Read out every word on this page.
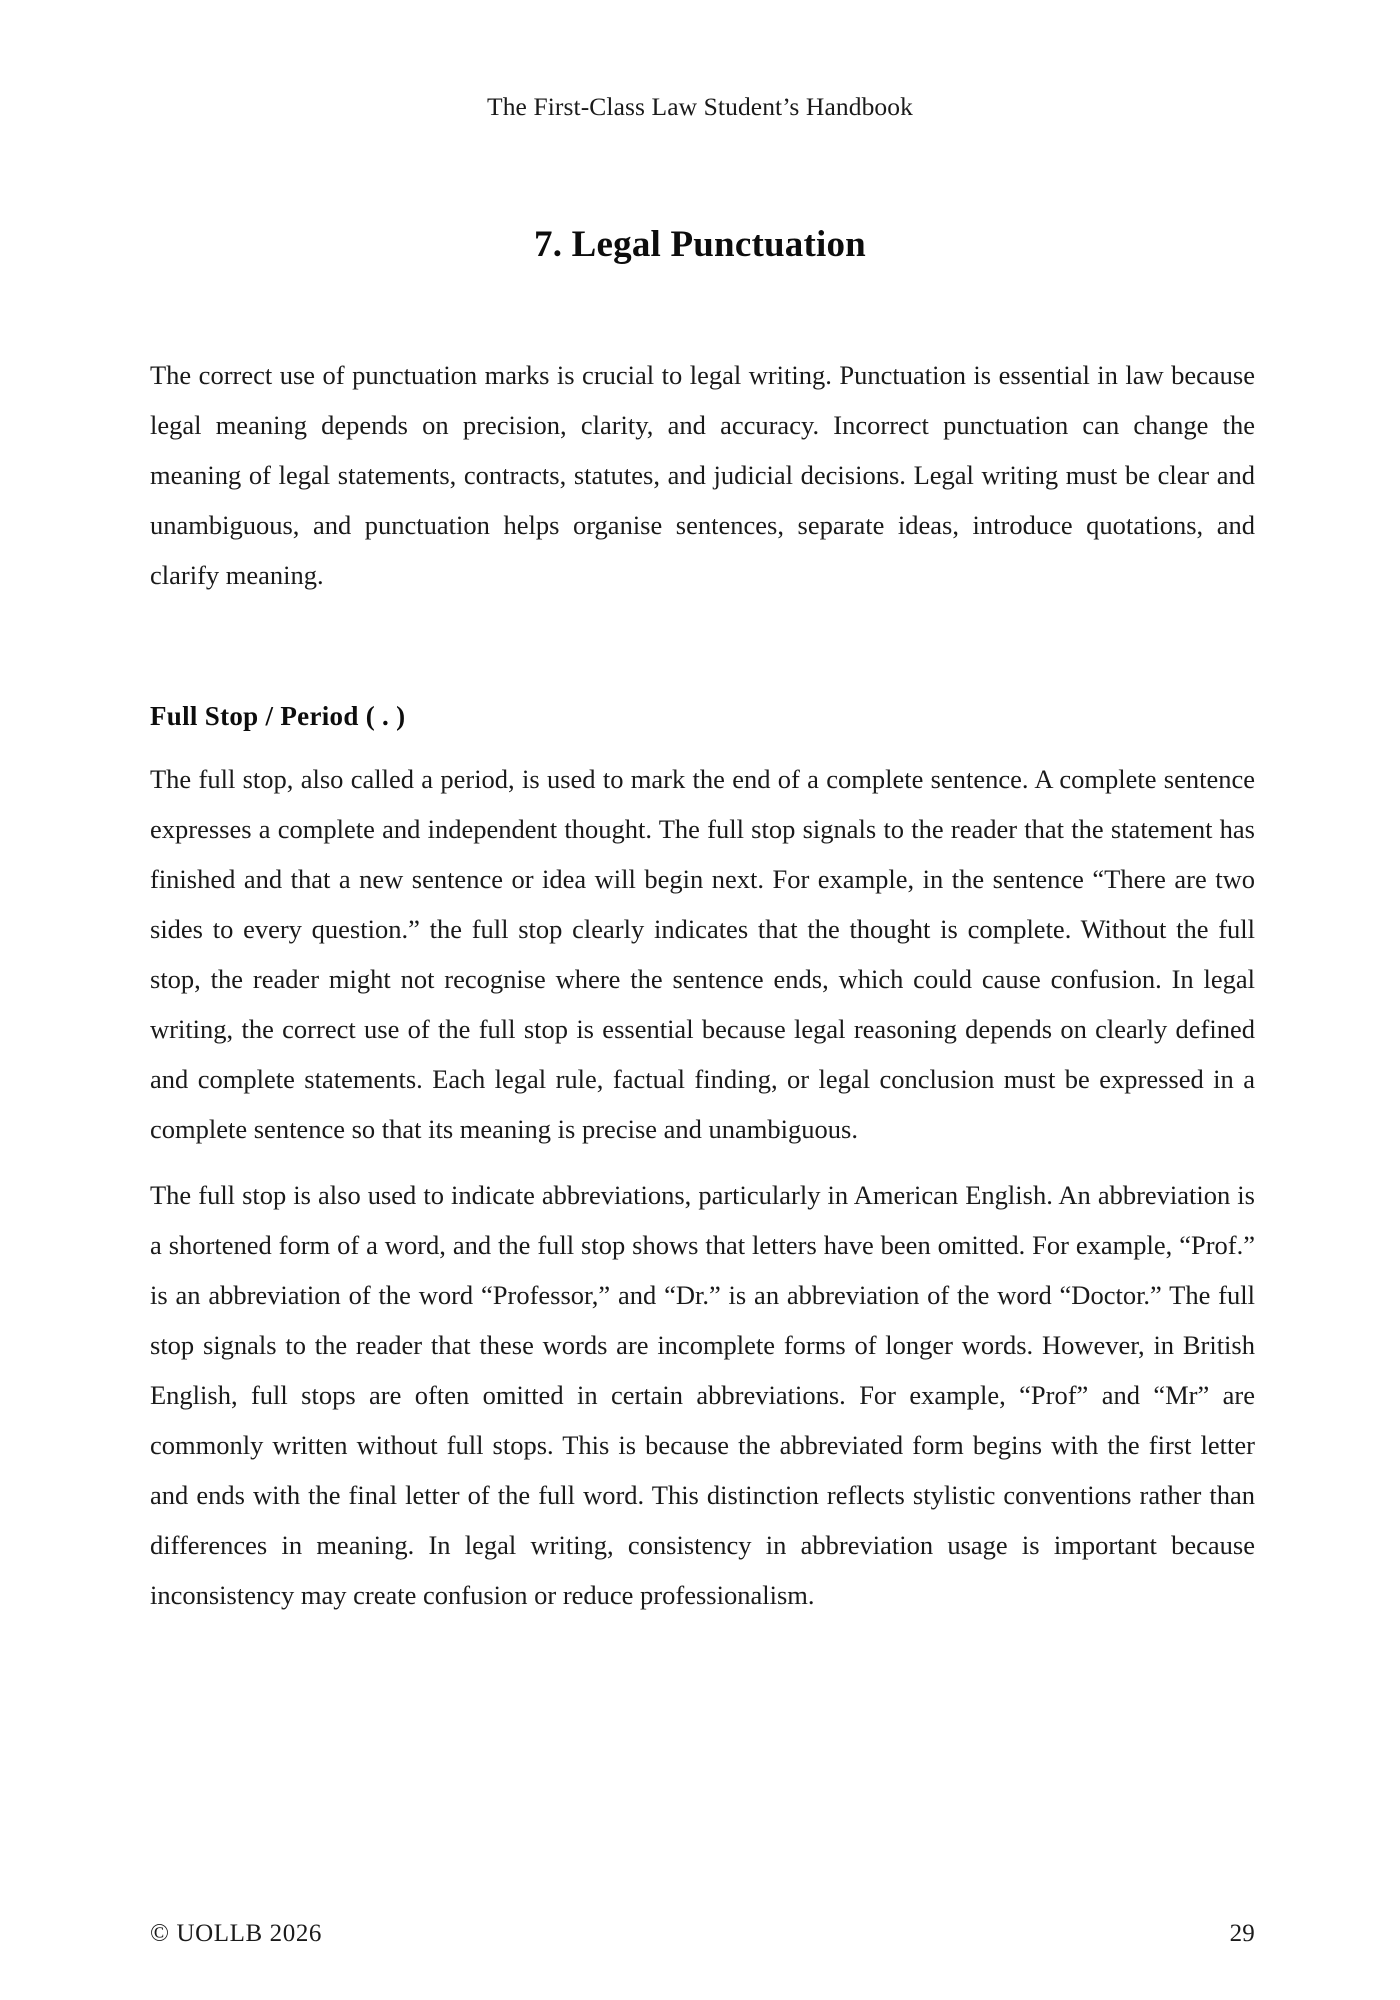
The First-Class Law Student’s Handbook
7. Legal Punctuation

The correct use of punctuation marks is crucial to legal writing. Punctuation is essential in law because legal meaning depends on precision, clarity, and accuracy. Incorrect punctuation can change the meaning of legal statements, contracts, statutes, and judicial decisions. Legal writing must be clear and unambiguous, and punctuation helps organise sentences, separate ideas, introduce quotations, and clarify meaning.

Full Stop / Period ( . )

The full stop, also called a period, is used to mark the end of a complete sentence. A complete sentence expresses a complete and independent thought. The full stop signals to the reader that the statement has finished and that a new sentence or idea will begin next. For example, in the sentence “There are two sides to every question.” the full stop clearly indicates that the thought is complete. Without the full stop, the reader might not recognise where the sentence ends, which could cause confusion. In legal writing, the correct use of the full stop is essential because legal reasoning depends on clearly defined and complete statements. Each legal rule, factual finding, or legal conclusion must be expressed in a complete sentence so that its meaning is precise and unambiguous.

The full stop is also used to indicate abbreviations, particularly in American English. An abbreviation is a shortened form of a word, and the full stop shows that letters have been omitted. For example, “Prof.” is an abbreviation of the word “Professor,” and “Dr.” is an abbreviation of the word “Doctor.” The full stop signals to the reader that these words are incomplete forms of longer words. However, in British English, full stops are often omitted in certain abbreviations. For example, “Prof” and “Mr” are commonly written without full stops. This is because the abbreviated form begins with the first letter and ends with the final letter of the full word. This distinction reflects stylistic conventions rather than differences in meaning. In legal writing, consistency in abbreviation usage is important because inconsistency may create confusion or reduce professionalism.

© UOLLB 2026	29
